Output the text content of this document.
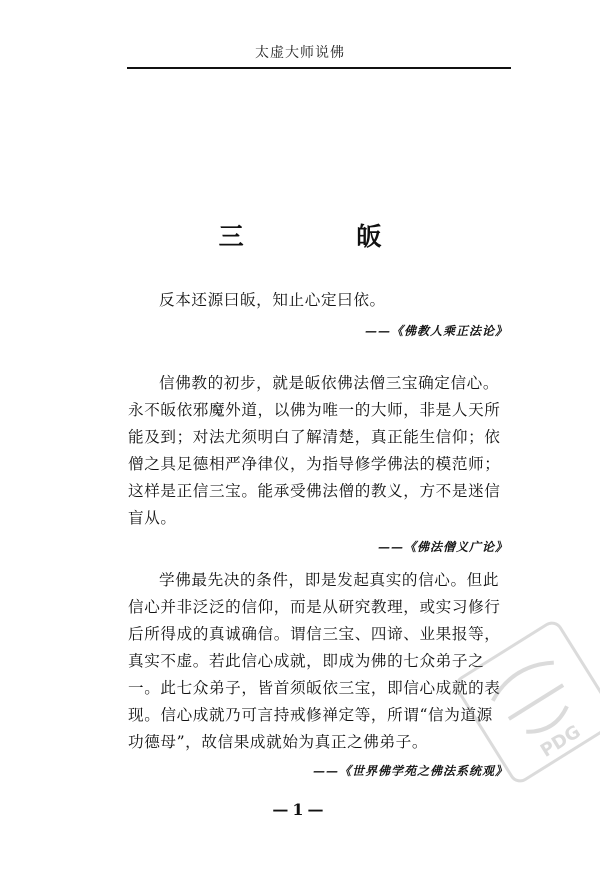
太虚大师说佛
三 皈

反本还源曰皈，知止心定曰依。

——《佛教人乘正法论》

信佛教的初步，就是皈依佛法僧三宝确定信心。永不皈依邪魔外道，以佛为唯一的大师，非是人天所能及到；对法尤须明白了解清楚，真正能生信仰；依僧之具足德相严净律仪，为指导修学佛法的模范师；这样是正信三宝。能承受佛法僧的教义，方不是迷信盲从。

——《佛法僧义广论》

学佛最先决的条件，即是发起真实的信心。但此信心并非泛泛的信仰，而是从研究教理，或实习修行后所得成的真诚确信。谓信三宝、四谛、业果报等，真实不虚。若此信心成就，即成为佛的七众弟子之一。此七众弟子，皆首须皈依三宝，即信心成就的表现。信心成就乃可言持戒修禅定等，所谓“信为道源功德母”，故信果成就始为真正之佛弟子。

——《世界佛学苑之佛法系统观》

PDG
—1—
